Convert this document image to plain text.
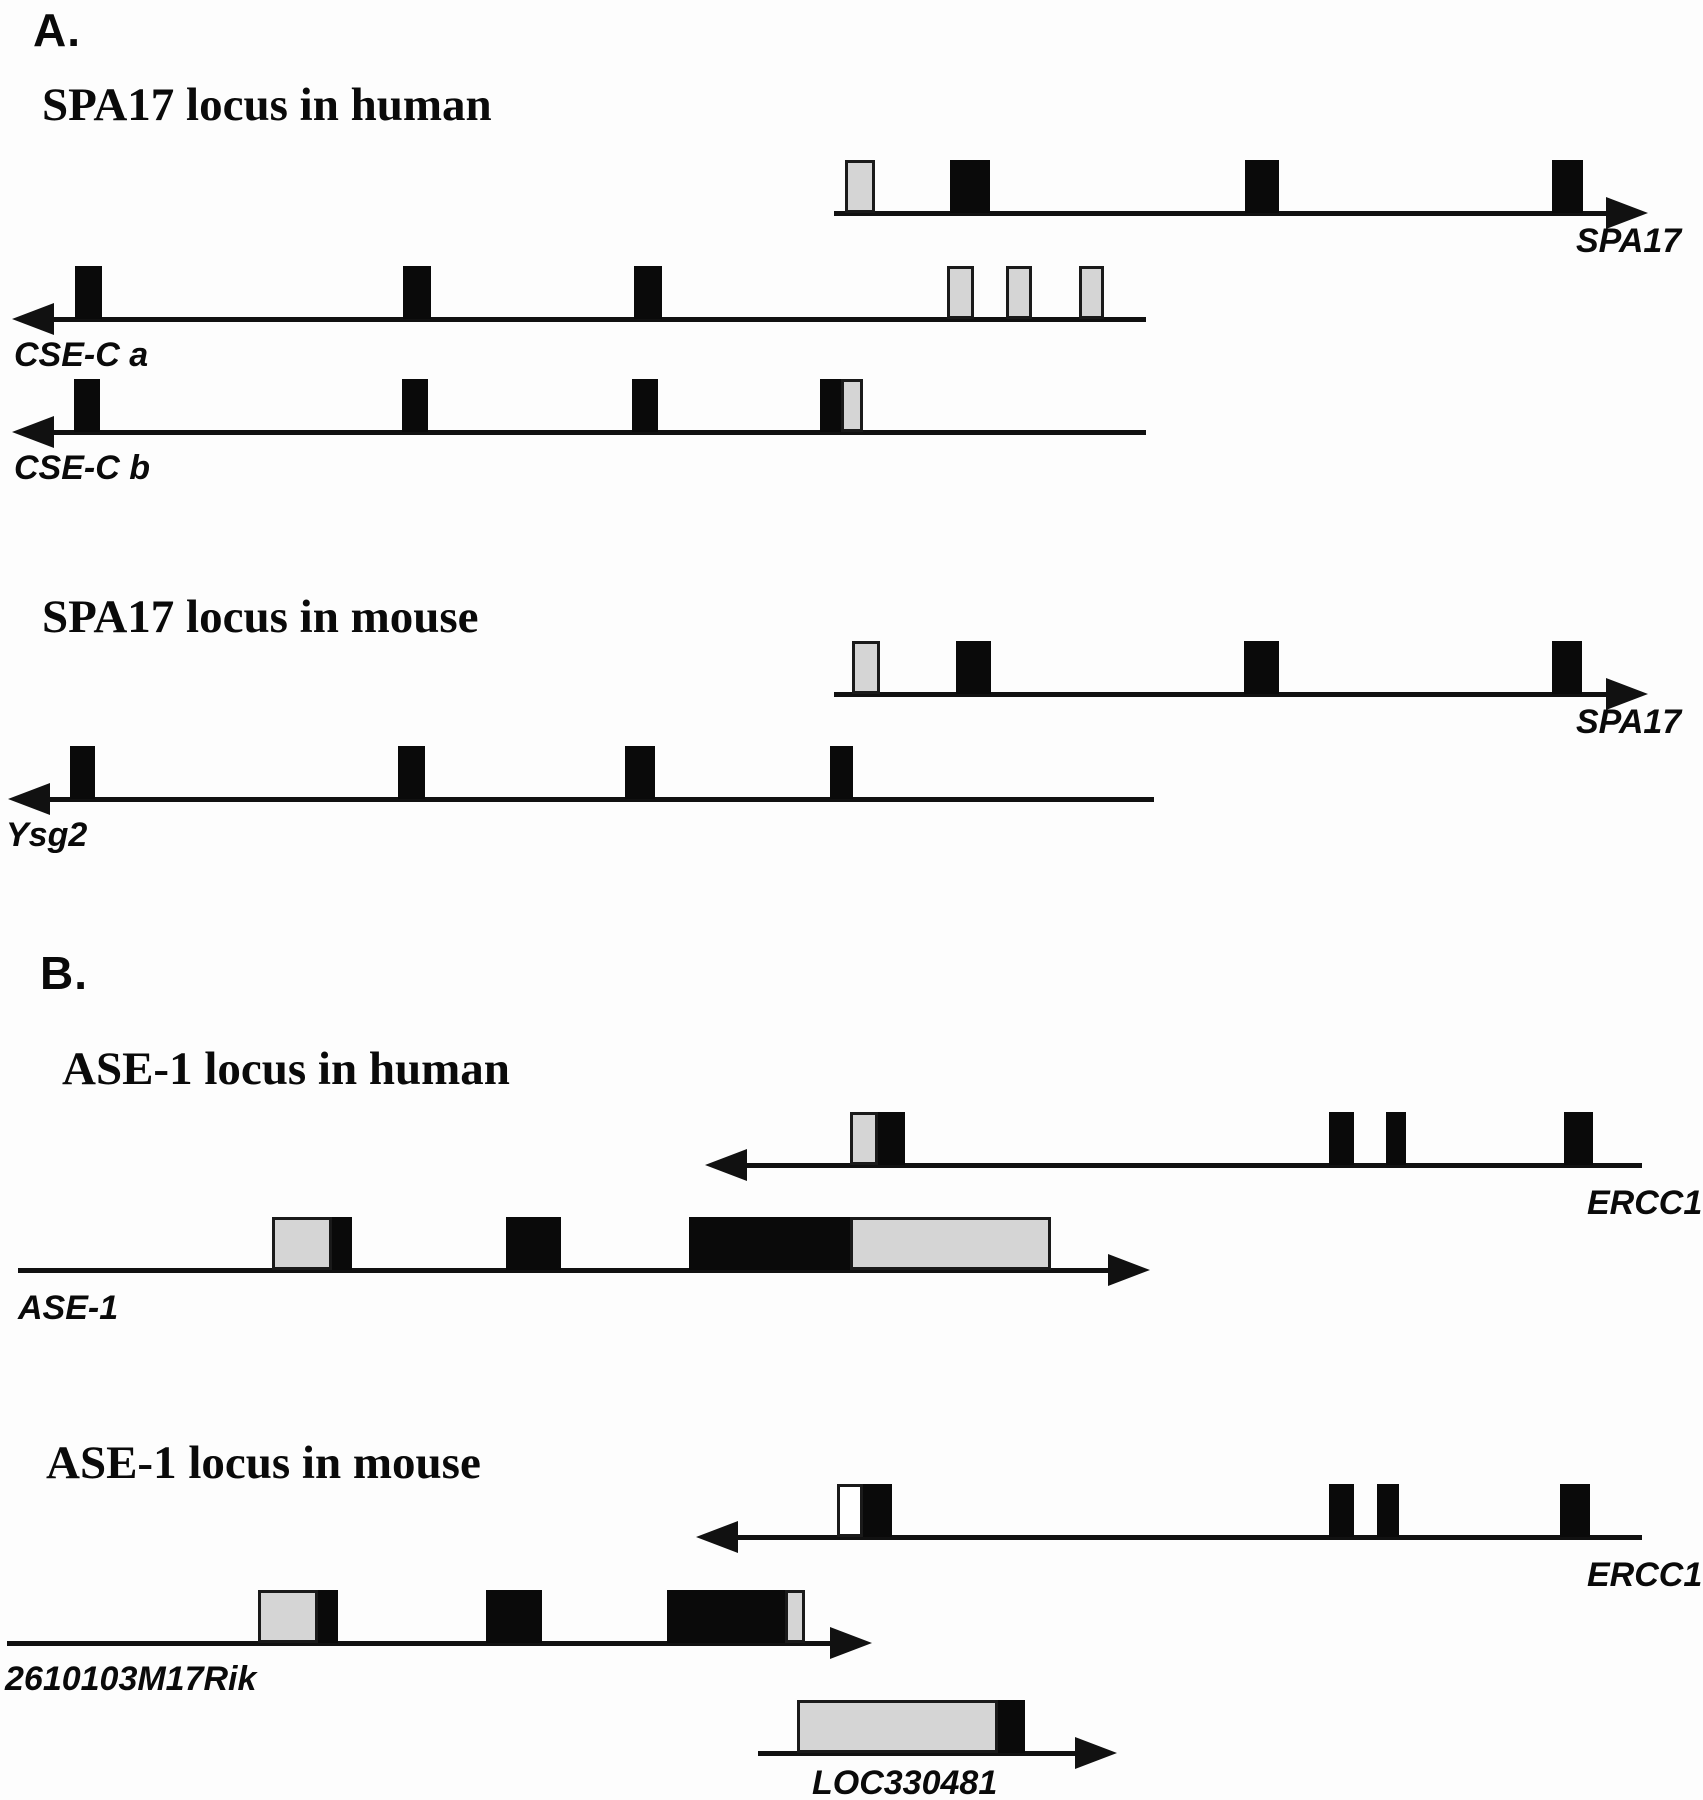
A.
SPA17 locus in human
SPA17 locus in mouse
B.
ASE-1 locus in human
ASE-1 locus in mouse
SPA17
CSE-C a
CSE-C b
SPA17
Ysg2
ERCC1
ASE-1
ERCC1
2610103M17Rik
LOC330481
